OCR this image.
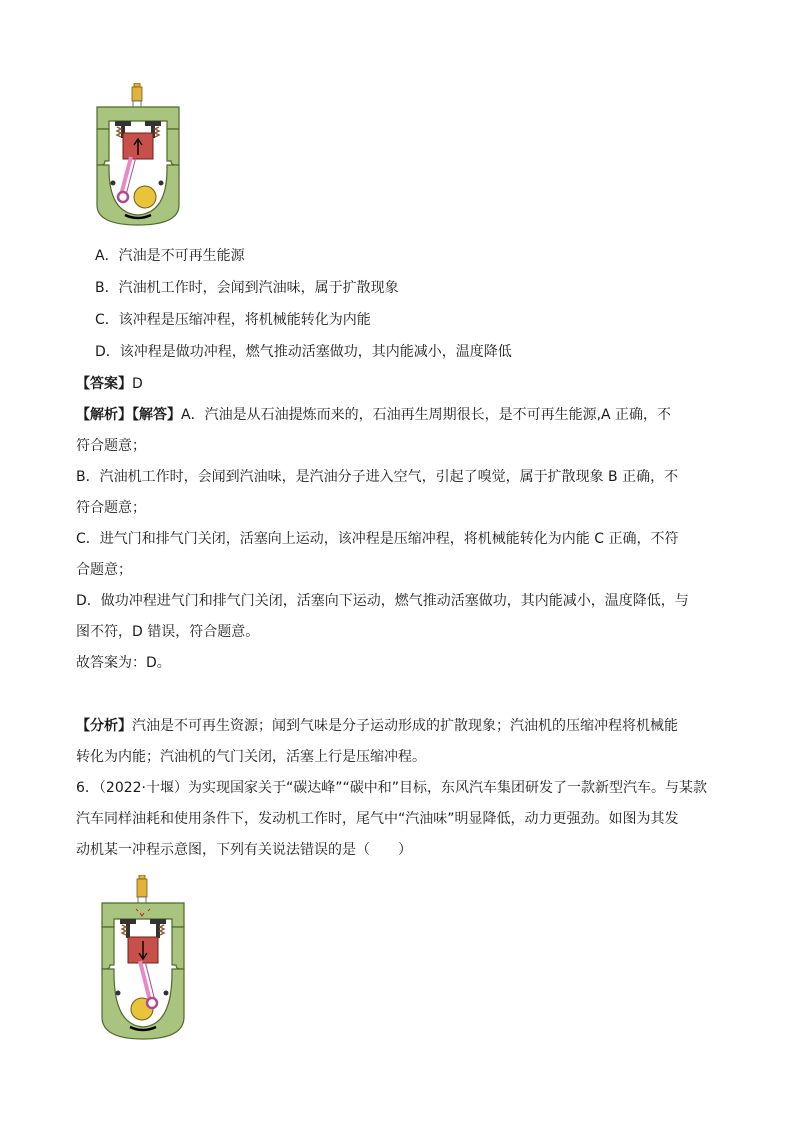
A．汽油是不可再生能源
B．汽油机工作时，会闻到汽油味，属于扩散现象
C．该冲程是压缩冲程，将机械能转化为内能
D．该冲程是做功冲程，燃气推动活塞做功，其内能减小，温度降低
【答案】D
【解析】【解答】A．汽油是从石油提炼而来的，石油再生周期很长，是不可再生能源,A 正确，不
符合题意；
B．汽油机工作时，会闻到汽油味，是汽油分子进入空气，引起了嗅觉，属于扩散现象 B 正确，不
符合题意；
C．进气门和排气门关闭，活塞向上运动，该冲程是压缩冲程，将机械能转化为内能 C 正确，不符
合题意；
D．做功冲程进气门和排气门关闭，活塞向下运动，燃气推动活塞做功，其内能减小，温度降低，与
图不符，D 错误，符合题意。
故答案为：D。
【分析】汽油是不可再生资源；闻到气味是分子运动形成的扩散现象；汽油机的压缩冲程将机械能
转化为内能；汽油机的气门关闭，活塞上行是压缩冲程。
6．（2022·十堰）为实现国家关于“碳达峰”“碳中和”目标，东风汽车集团研发了一款新型汽车。与某款
汽车同样油耗和使用条件下，发动机工作时，尾气中“汽油味”明显降低，动力更强劲。如图为其发
动机某一冲程示意图，下列有关说法错误的是（　　）
